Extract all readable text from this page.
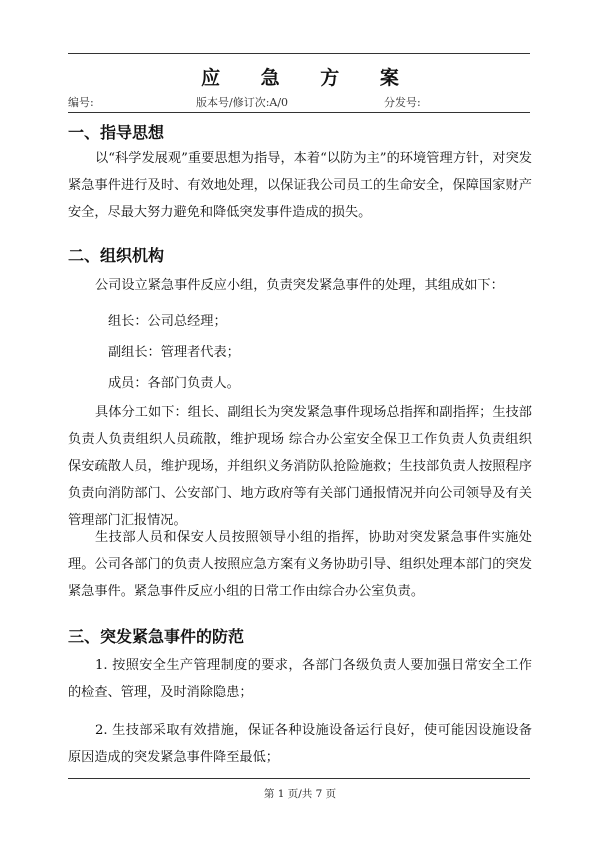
应 急 方 案
编号:	版本号/修订次:A/0	分发号:
一、指导思想

以“科学发展观”重要思想为指导，本着“以防为主”的环境管理方针，对突发紧急事件进行及时、有效地处理，以保证我公司员工的生命安全，保障国家财产安全，尽最大努力避免和降低突发事件造成的损失。

二、组织机构

公司设立紧急事件反应小组，负责突发紧急事件的处理，其组成如下：

组长：公司总经理；
副组长：管理者代表；
成员：各部门负责人。

具体分工如下：组长、副组长为突发紧急事件现场总指挥和副指挥；生技部负责人负责组织人员疏散，维护现场 综合办公室安全保卫工作负责人负责组织保安疏散人员，维护现场，并组织义务消防队抢险施救；生技部负责人按照程序负责向消防部门、公安部门、地方政府等有关部门通报情况并向公司领导及有关管理部门汇报情况。

生技部人员和保安人员按照领导小组的指挥，协助对突发紧急事件实施处理。公司各部门的负责人按照应急方案有义务协助引导、组织处理本部门的突发紧急事件。紧急事件反应小组的日常工作由综合办公室负责。

三、突发紧急事件的防范

1. 按照安全生产管理制度的要求，各部门各级负责人要加强日常安全工作的检查、管理，及时消除隐患；

2. 生技部采取有效措施，保证各种设施设备运行良好，使可能因设施设备原因造成的突发紧急事件降至最低；

第 1 页/共 7 页
